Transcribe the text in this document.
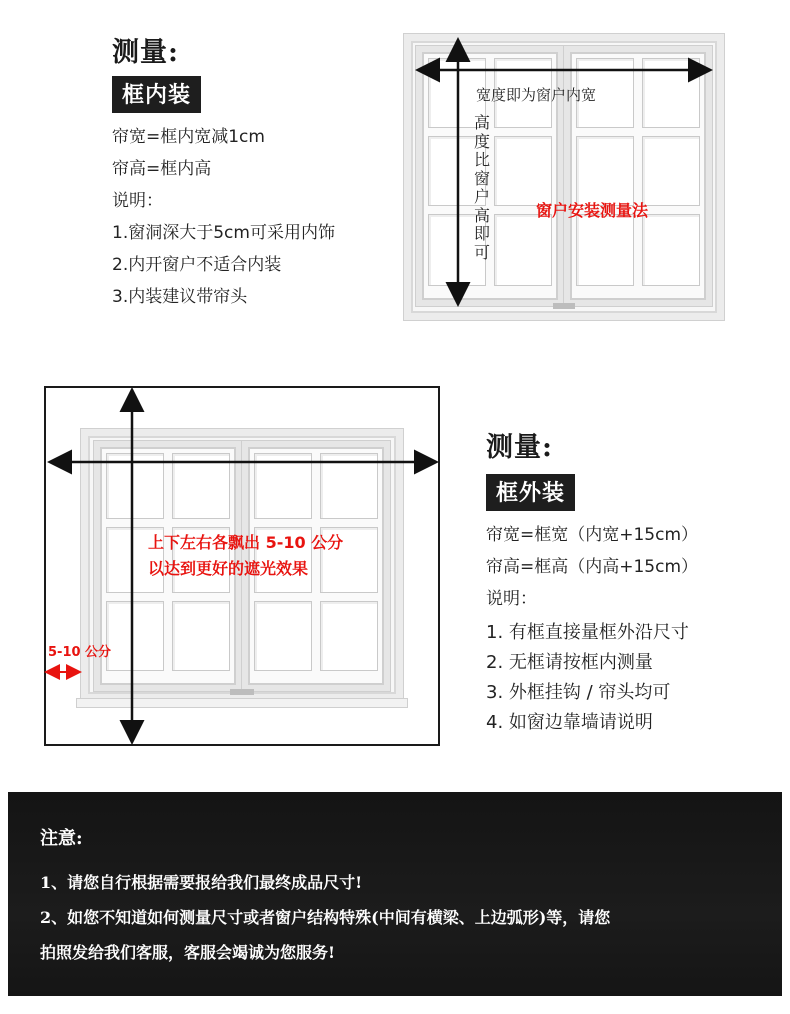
测量:
框内装
帘宽=框内宽减1cm
帘高=框内高
说明：
1.窗洞深大于5cm可采用内饰
2.内开窗户不适合内装
3.内装建议带帘头
宽度即为窗户内宽
高度比窗户高即可
窗户安装测量法
上下左右各飘出 5-10 公分
以达到更好的遮光效果
5-10 公分
测量:
框外装
帘宽=框宽（内宽+15cm）
帘高=框高（内高+15cm）
说明：
1. 有框直接量框外沿尺寸
2. 无框请按框内测量
3. 外框挂钩 / 帘头均可
4. 如窗边靠墙请说明
注意:
1、请您自行根据需要报给我们最终成品尺寸!
2、如您不知道如何测量尺寸或者窗户结构特殊(中间有横梁、上边弧形)等，请您
拍照发给我们客服，客服会竭诚为您服务!
